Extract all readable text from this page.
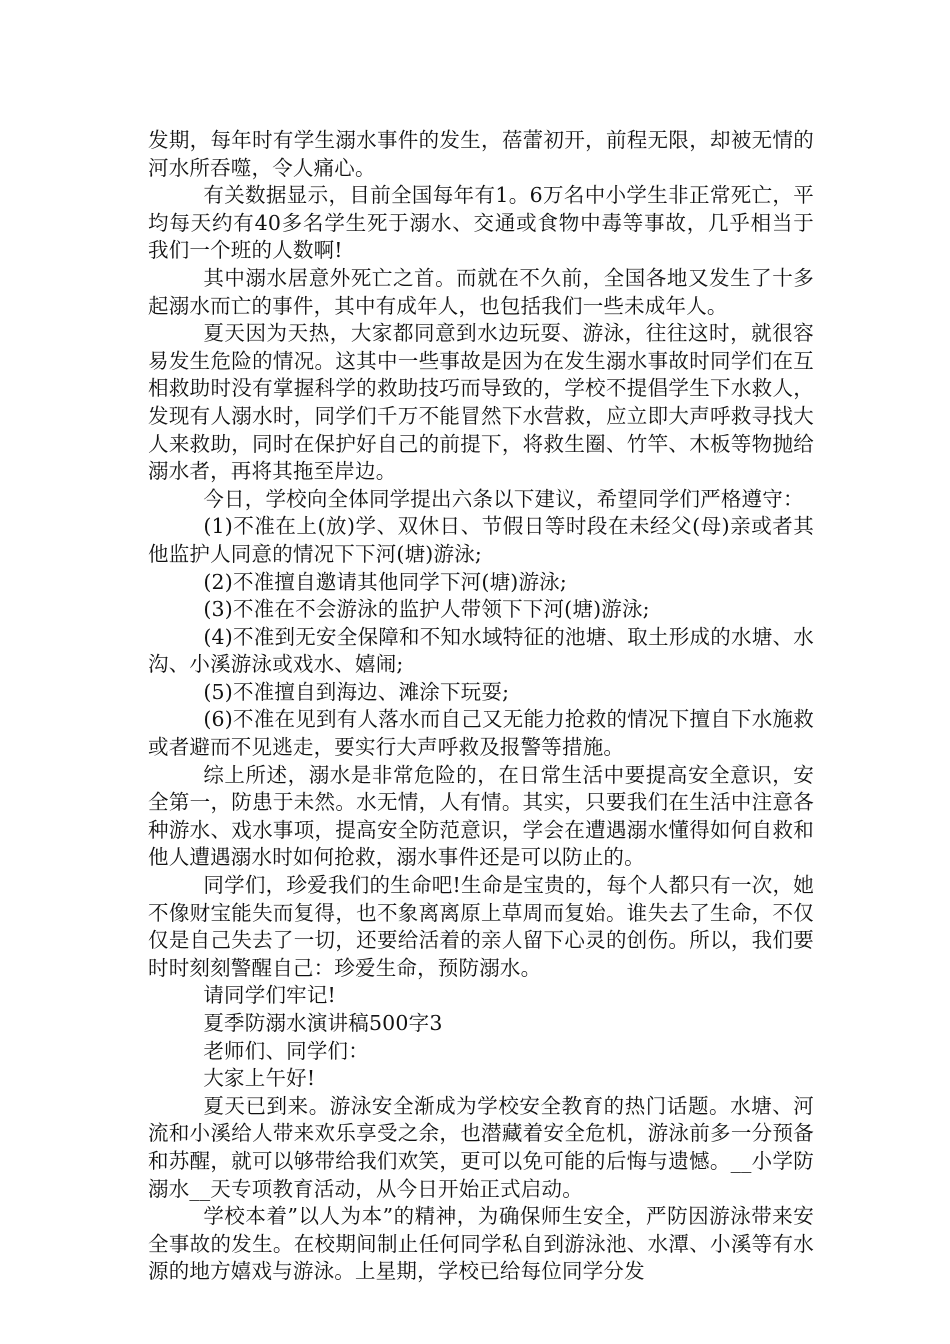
发期，每年时有学生溺水事件的发生，蓓蕾初开，前程无限，却被无情的河水所吞噬，令人痛心。

有关数据显示，目前全国每年有1。6万名中小学生非正常死亡，平均每天约有40多名学生死于溺水、交通或食物中毒等事故，几乎相当于我们一个班的人数啊!

其中溺水居意外死亡之首。而就在不久前，全国各地又发生了十多起溺水而亡的事件，其中有成年人，也包括我们一些未成年人。

夏天因为天热，大家都同意到水边玩耍、游泳，往往这时，就很容易发生危险的情况。这其中一些事故是因为在发生溺水事故时同学们在互相救助时没有掌握科学的救助技巧而导致的，学校不提倡学生下水救人，发现有人溺水时，同学们千万不能冒然下水营救，应立即大声呼救寻找大人来救助，同时在保护好自己的前提下，将救生圈、竹竿、木板等物抛给溺水者，再将其拖至岸边。

今日，学校向全体同学提出六条以下建议，希望同学们严格遵守：

(1)不准在上(放)学、双休日、节假日等时段在未经父(母)亲或者其他监护人同意的情况下下河(塘)游泳;

(2)不准擅自邀请其他同学下河(塘)游泳;

(3)不准在不会游泳的监护人带领下下河(塘)游泳;

(4)不准到无安全保障和不知水域特征的池塘、取土形成的水塘、水沟、小溪游泳或戏水、嬉闹;

(5)不准擅自到海边、滩涂下玩耍;

(6)不准在见到有人落水而自己又无能力抢救的情况下擅自下水施救或者避而不见逃走，要实行大声呼救及报警等措施。

综上所述，溺水是非常危险的，在日常生活中要提高安全意识，安全第一，防患于未然。水无情，人有情。其实，只要我们在生活中注意各种游水、戏水事项，提高安全防范意识，学会在遭遇溺水懂得如何自救和他人遭遇溺水时如何抢救，溺水事件还是可以防止的。

同学们，珍爱我们的生命吧!生命是宝贵的，每个人都只有一次，她不像财宝能失而复得，也不象离离原上草周而复始。谁失去了生命，不仅仅是自己失去了一切，还要给活着的亲人留下心灵的创伤。所以，我们要时时刻刻警醒自己：珍爱生命，预防溺水。

请同学们牢记!

夏季防溺水演讲稿500字3

老师们、同学们：

大家上午好!

夏天已到来。游泳安全渐成为学校安全教育的热门话题。水塘、河流和小溪给人带来欢乐享受之余，也潜藏着安全危机，游泳前多一分预备和苏醒，就可以够带给我们欢笑，更可以免可能的后悔与遗憾。__小学防溺水__天专项教育活动，从今日开始正式启动。

学校本着”以人为本”的精神，为确保师生安全，严防因游泳带来安全事故的发生。在校期间制止任何同学私自到游泳池、水潭、小溪等有水源的地方嬉戏与游泳。上星期，学校已给每位同学分发
